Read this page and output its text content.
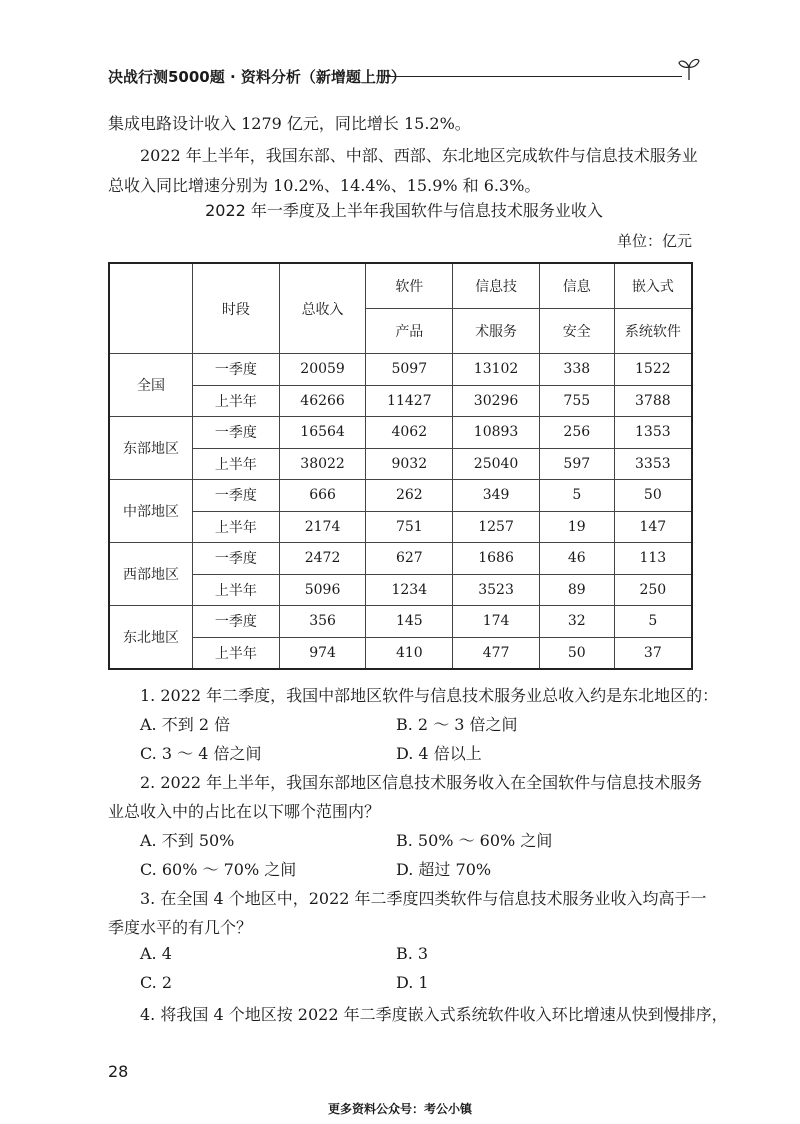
决战行测5000题 · 资料分析（新增题上册）
集成电路设计收入 1279 亿元，同比增长 15.2%。
2022 年上半年，我国东部、中部、西部、东北地区完成软件与信息技术服务业
总收入同比增速分别为 10.2%、14.4%、15.9% 和 6.3%。
2022 年一季度及上半年我国软件与信息技术服务业收入
单位：亿元
	时段	总收入	软件	信息技	信息	嵌入式
			产品	术服务	安全	系统软件
全国	一季度	20059	5097	13102	338	1522
	上半年	46266	11427	30296	755	3788
东部地区	一季度	16564	4062	10893	256	1353
	上半年	38022	9032	25040	597	3353
中部地区	一季度	666	262	349	5	50
	上半年	2174	751	1257	19	147
西部地区	一季度	2472	627	1686	46	113
	上半年	5096	1234	3523	89	250
东北地区	一季度	356	145	174	32	5
	上半年	974	410	477	50	37
1. 2022 年二季度，我国中部地区软件与信息技术服务业总收入约是东北地区的：
A. 不到 2 倍	B. 2 ～ 3 倍之间
C. 3 ～ 4 倍之间	D. 4 倍以上
2. 2022 年上半年，我国东部地区信息技术服务收入在全国软件与信息技术服务
业总收入中的占比在以下哪个范围内？
A. 不到 50%	B. 50% ～ 60% 之间
C. 60% ～ 70% 之间	D. 超过 70%
3. 在全国 4 个地区中，2022 年二季度四类软件与信息技术服务业收入均高于一
季度水平的有几个？
A. 4	B. 3
C. 2	D. 1
4. 将我国 4 个地区按 2022 年二季度嵌入式系统软件收入环比增速从快到慢排序，
28
更多资料公众号：考公小镇
